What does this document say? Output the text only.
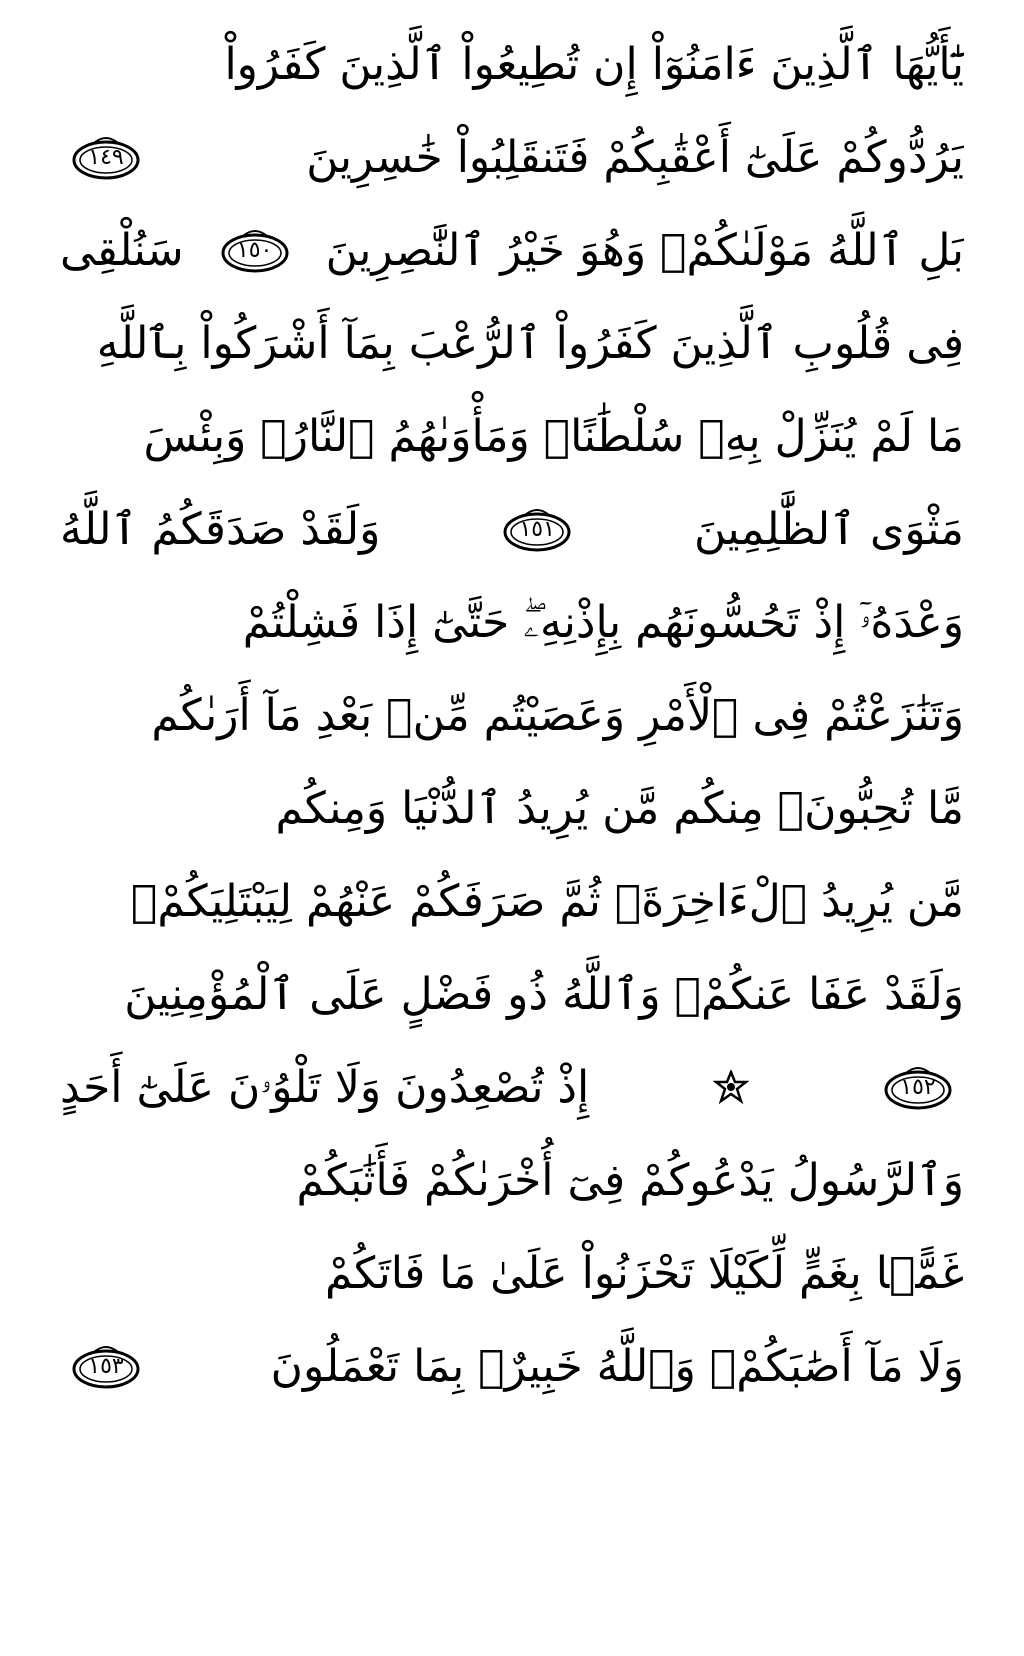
يَٰٓأَيُّهَا ٱلَّذِينَ ءَامَنُوٓاْ إِن تُطِيعُواْ ٱلَّذِينَ كَفَرُواْ
يَرُدُّوكُمْ عَلَىٰٓ أَعْقَٰبِكُمْ فَتَنقَلِبُواْ خَٰسِرِينَ
١٤٩
بَلِ ٱللَّهُ مَوْلَىٰكُمْۖ وَهُوَ خَيْرُ ٱلنَّٰصِرِينَ
١٥٠
سَنُلْقِى
فِى قُلُوبِ ٱلَّذِينَ كَفَرُواْ ٱلرُّعْبَ بِمَآ أَشْرَكُواْ بِٱللَّهِ
مَا لَمْ يُنَزِّلْ بِهِۦ سُلْطَٰنًاۖ وَمَأْوَىٰهُمُ ٱلنَّارُۚ وَبِئْسَ
مَثْوَى ٱلظَّٰلِمِينَ
١٥١
وَلَقَدْ صَدَقَكُمُ ٱللَّهُ
وَعْدَهُۥٓ إِذْ تَحُسُّونَهُم بِإِذْنِهِۦۖ حَتَّىٰٓ إِذَا فَشِلْتُمْ
وَتَنَٰزَعْتُمْ فِى ٱلْأَمْرِ وَعَصَيْتُم مِّنۢ بَعْدِ مَآ أَرَىٰكُم
مَّا تُحِبُّونَۚ مِنكُم مَّن يُرِيدُ ٱلدُّنْيَا وَمِنكُم
مَّن يُرِيدُ ٱلْءَاخِرَةَۚ ثُمَّ صَرَفَكُمْ عَنْهُمْ لِيَبْتَلِيَكُمْۖ
وَلَقَدْ عَفَا عَنكُمْۗ وَٱللَّهُ ذُو فَضْلٍ عَلَى ٱلْمُؤْمِنِينَ
١٥٢
إِذْ تُصْعِدُونَ وَلَا تَلْوُۥنَ عَلَىٰٓ أَحَدٍ
وَٱلرَّسُولُ يَدْعُوكُمْ فِىٓ أُخْرَىٰكُمْ فَأَثَٰبَكُمْ
غَمًّۢا بِغَمٍّ لِّكَيْلَا تَحْزَنُواْ عَلَىٰ مَا فَاتَكُمْ
وَلَا مَآ أَصَٰبَكُمْۗ وَٱللَّهُ خَبِيرٌۢ بِمَا تَعْمَلُونَ
١٥٣
